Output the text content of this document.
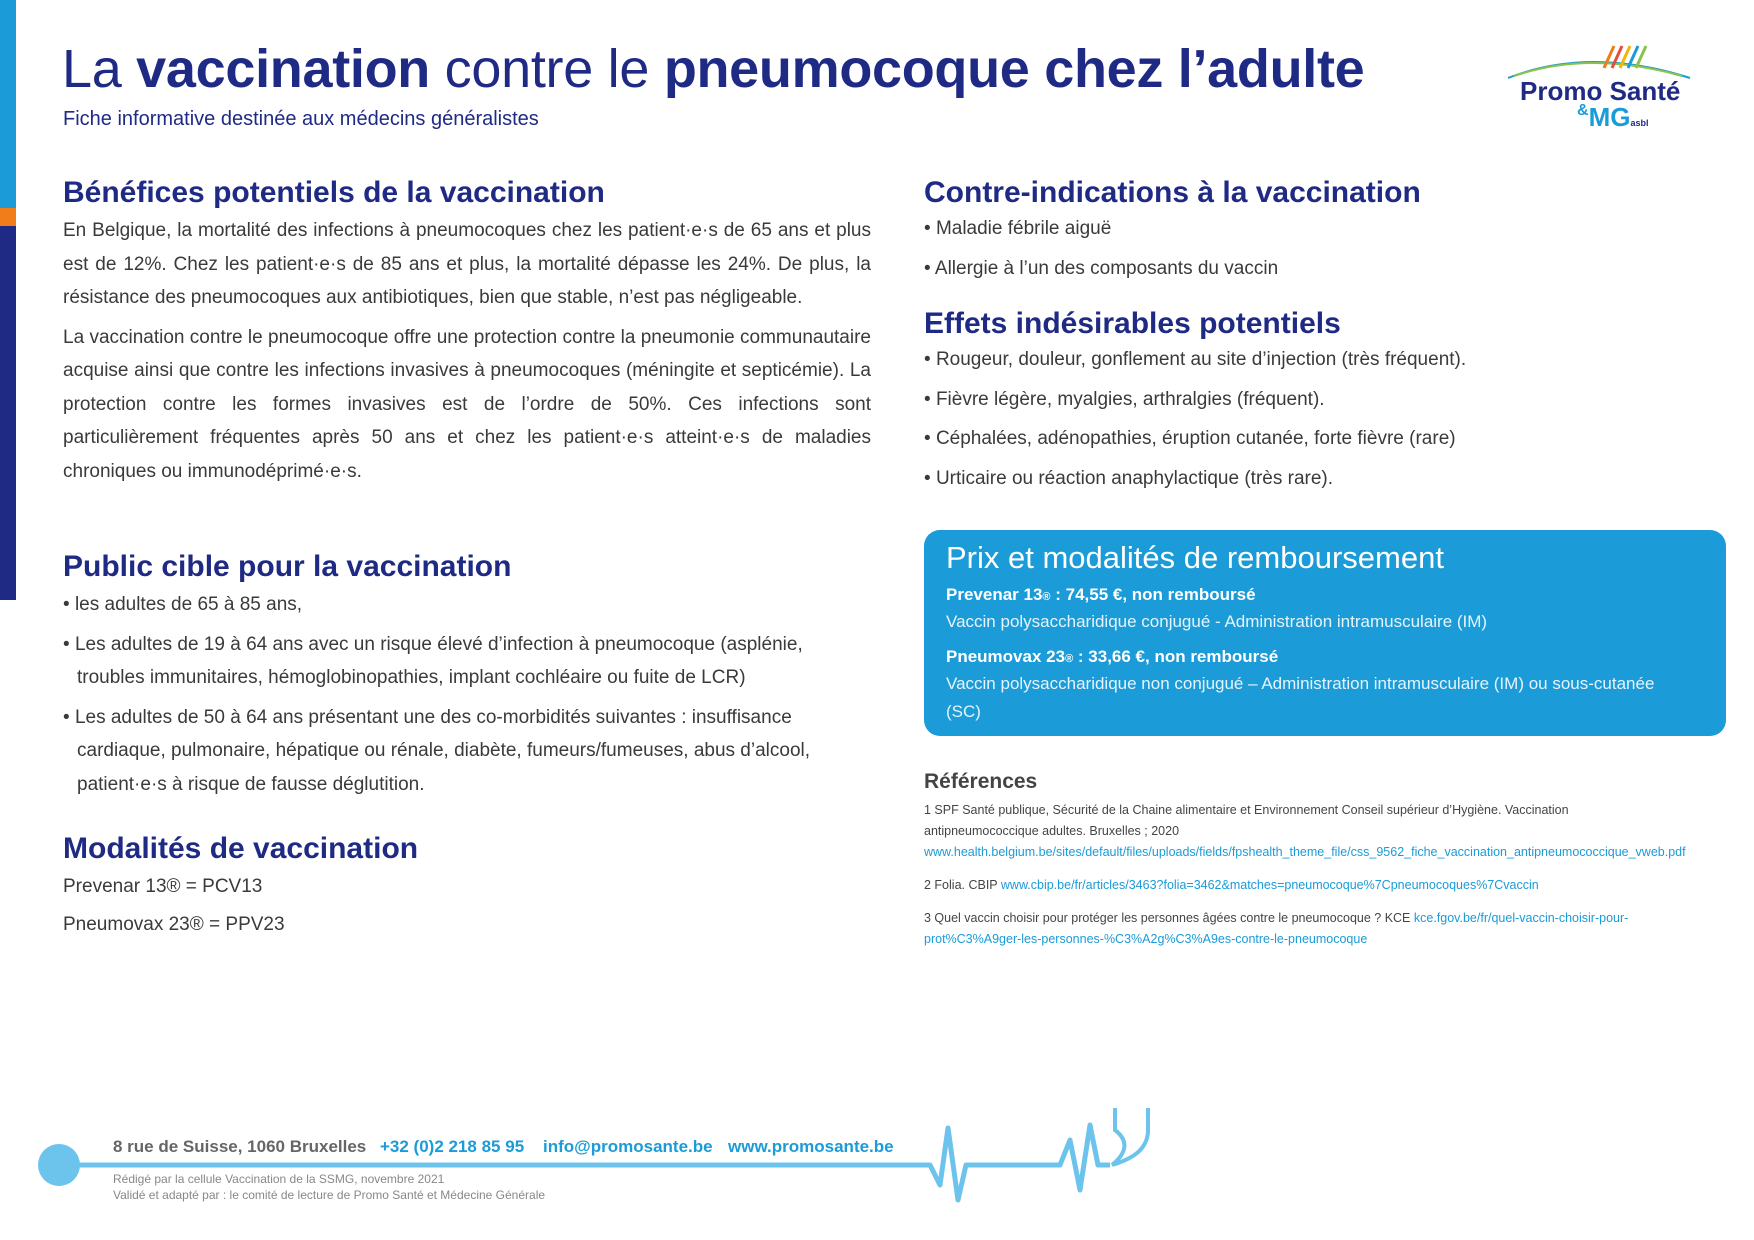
La vaccination contre le pneumocoque chez l’adulte
Fiche informative destinée aux médecins généralistes
Promo Santé
&MGasbl
Bénéfices potentiels de la vaccination

En Belgique, la mortalité des infections à pneumocoques chez les patient·e·s de 65 ans et plus est de 12%. Chez les patient·e·s de 85 ans et plus, la mortalité dépasse les 24%. De plus, la résistance des pneumocoques aux antibiotiques, bien que stable, n’est pas négligeable.

La vaccination contre le pneumocoque offre une protection contre la pneumonie communautaire acquise ainsi que contre les infections invasives à pneumocoques (méningite et septicémie). La protection contre les formes invasives est de l’ordre de 50%. Ces infections sont particulièrement fréquentes après 50 ans et chez les patient·e·s atteint·e·s de maladies chroniques ou immunodéprimé·e·s.

Public cible pour la vaccination

• les adultes de 65 à 85 ans,

• Les adultes de 19 à 64 ans avec un risque élevé d’infection à pneumocoque (asplénie, troubles immunitaires, hémoglobinopathies, implant cochléaire ou fuite de LCR)

• Les adultes de 50 à 64 ans présentant une des co-morbidités suivantes : insuffisance cardiaque, pulmonaire, hépatique ou rénale, diabète, fumeurs/fumeuses, abus d’alcool, patient·e·s à risque de fausse déglutition.

Modalités de vaccination

Prevenar 13® = PCV13

Pneumovax 23® = PPV23

Contre-indications à la vaccination

• Maladie fébrile aiguë

• Allergie à l’un des composants du vaccin

Effets indésirables potentiels

• Rougeur, douleur, gonflement au site d’injection (très fréquent).

• Fièvre légère, myalgies, arthralgies (fréquent).

• Céphalées, adénopathies, éruption cutanée, forte fièvre (rare)

• Urticaire ou réaction anaphylactique (très rare).

Prix et modalités de remboursement
Prevenar 13® : 74,55 €, non remboursé
Vaccin polysaccharidique conjugué - Administration intramusculaire (IM)
Pneumovax 23® : 33,66 €, non remboursé
Vaccin polysaccharidique non conjugué – Administration intramusculaire (IM) ou sous-cutanée (SC)
Références

1 SPF Santé publique, Sécurité de la Chaine alimentaire et Environnement Conseil supérieur d’Hygiène. Vaccination antipneumococcique adultes. Bruxelles ; 2020 www.health.belgium.be/sites/default/files/uploads/fields/fpshealth_theme_file/css_9562_fiche_vaccination_antipneumococcique_vweb.pdf

2 Folia. CBIP www.cbip.be/fr/articles/3463?folia=3462&matches=pneumocoque%7Cpneumocoques%7Cvaccin

3 Quel vaccin choisir pour protéger les personnes âgées contre le pneumocoque ? KCE kce.fgov.be/fr/quel-vaccin-choisir-pour-prot%C3%A9ger-les-personnes-%C3%A2g%C3%A9es-contre-le-pneumocoque

8 rue de Suisse, 1060 Bruxelles +32 (0)2 218 85 95 info@promosante.be www.promosante.be
Rédigé par la cellule Vaccination de la SSMG, novembre 2021
Validé et adapté par : le comité de lecture de Promo Santé et Médecine Générale
